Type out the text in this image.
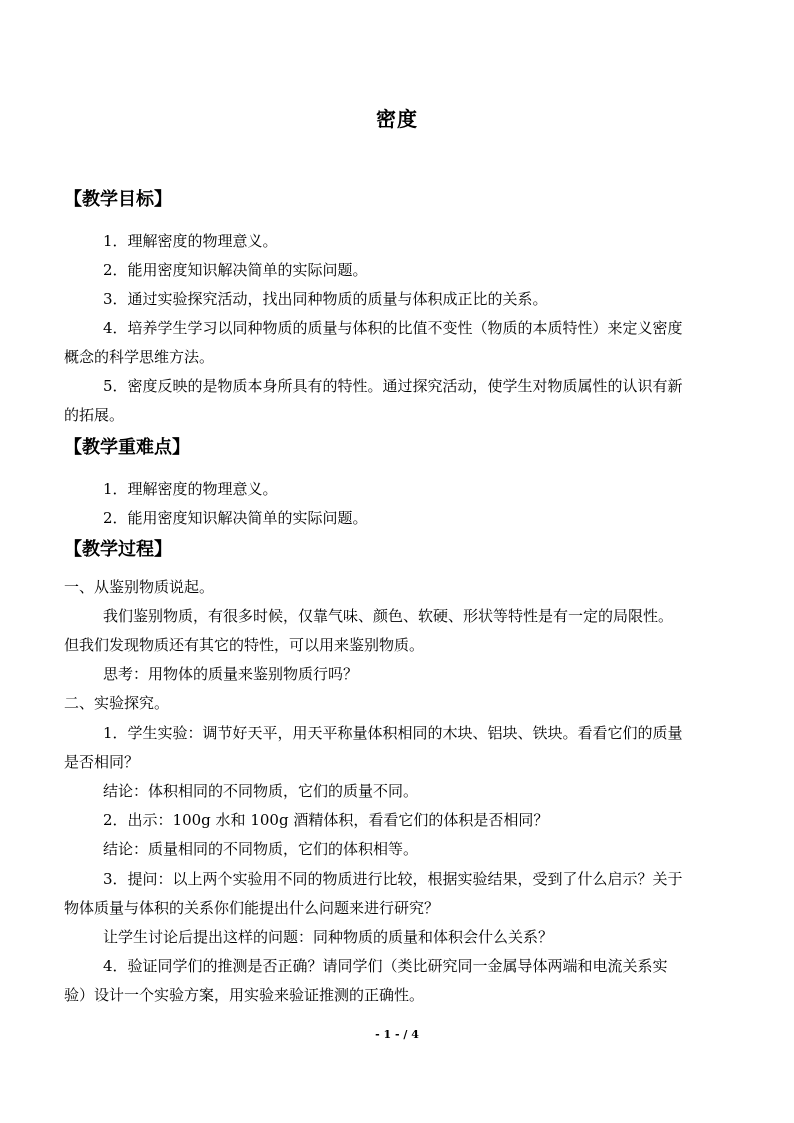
密度
【教学目标】
1．理解密度的物理意义。
2．能用密度知识解决简单的实际问题。
3．通过实验探究活动，找出同种物质的质量与体积成正比的关系。
4．培养学生学习以同种物质的质量与体积的比值不变性（物质的本质特性）来定义密度
概念的科学思维方法。
5．密度反映的是物质本身所具有的特性。通过探究活动，使学生对物质属性的认识有新
的拓展。
【教学重难点】
1．理解密度的物理意义。
2．能用密度知识解决简单的实际问题。
【教学过程】
一、从鉴别物质说起。
我们鉴别物质，有很多时候，仅靠气味、颜色、软硬、形状等特性是有一定的局限性。
但我们发现物质还有其它的特性，可以用来鉴别物质。
思考：用物体的质量来鉴别物质行吗？
二、实验探究。
1．学生实验：调节好天平，用天平称量体积相同的木块、铝块、铁块。看看它们的质量
是否相同？
结论：体积相同的不同物质，它们的质量不同。
2．出示：100g 水和 100g 酒精体积，看看它们的体积是否相同？
结论：质量相同的不同物质，它们的体积相等。
3．提问：以上两个实验用不同的物质进行比较，根据实验结果，受到了什么启示？关于
物体质量与体积的关系你们能提出什么问题来进行研究？
让学生讨论后提出这样的问题：同种物质的质量和体积会什么关系？
4．验证同学们的推测是否正确？请同学们（类比研究同一金属导体两端和电流关系实
验）设计一个实验方案，用实验来验证推测的正确性。
- 1 - / 4
